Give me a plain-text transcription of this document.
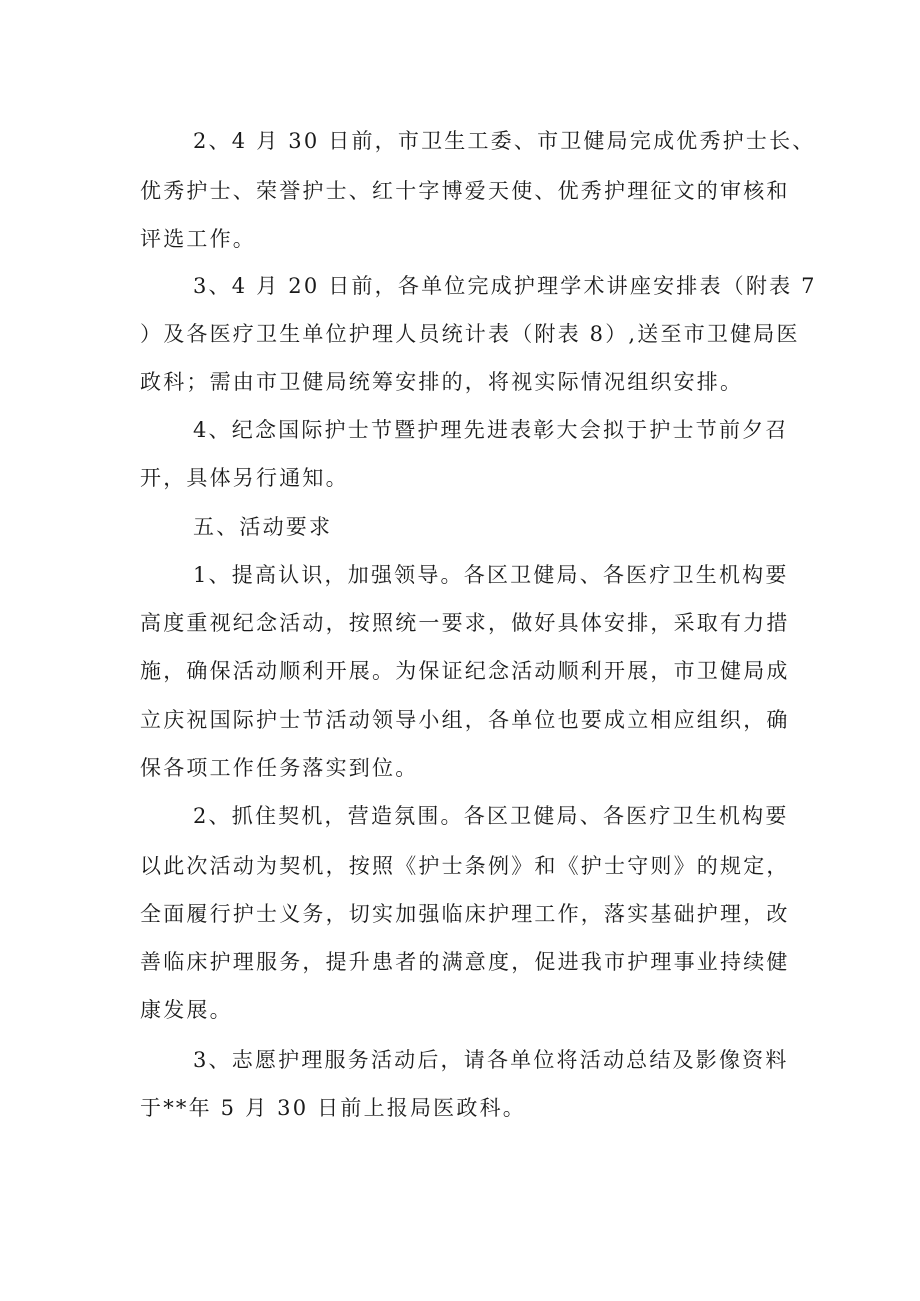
2、4 月 30 日前，市卫生工委、市卫健局完成优秀护士长、
优秀护士、荣誉护士、红十字博爱天使、优秀护理征文的审核和
评选工作。
3、4 月 20 日前，各单位完成护理学术讲座安排表（附表 7
）及各医疗卫生单位护理人员统计表（附表 8）,送至市卫健局医
政科；需由市卫健局统筹安排的，将视实际情况组织安排。
4、纪念国际护士节暨护理先进表彰大会拟于护士节前夕召
开，具体另行通知。
五、活动要求
1、提高认识，加强领导。各区卫健局、各医疗卫生机构要
高度重视纪念活动，按照统一要求，做好具体安排，采取有力措
施，确保活动顺利开展。为保证纪念活动顺利开展，市卫健局成
立庆祝国际护士节活动领导小组，各单位也要成立相应组织，确
保各项工作任务落实到位。
2、抓住契机，营造氛围。各区卫健局、各医疗卫生机构要
以此次活动为契机，按照《护士条例》和《护士守则》的规定，
全面履行护士义务，切实加强临床护理工作，落实基础护理，改
善临床护理服务，提升患者的满意度，促进我市护理事业持续健
康发展。
3、志愿护理服务活动后，请各单位将活动总结及影像资料
于**年 5 月 30 日前上报局医政科。
